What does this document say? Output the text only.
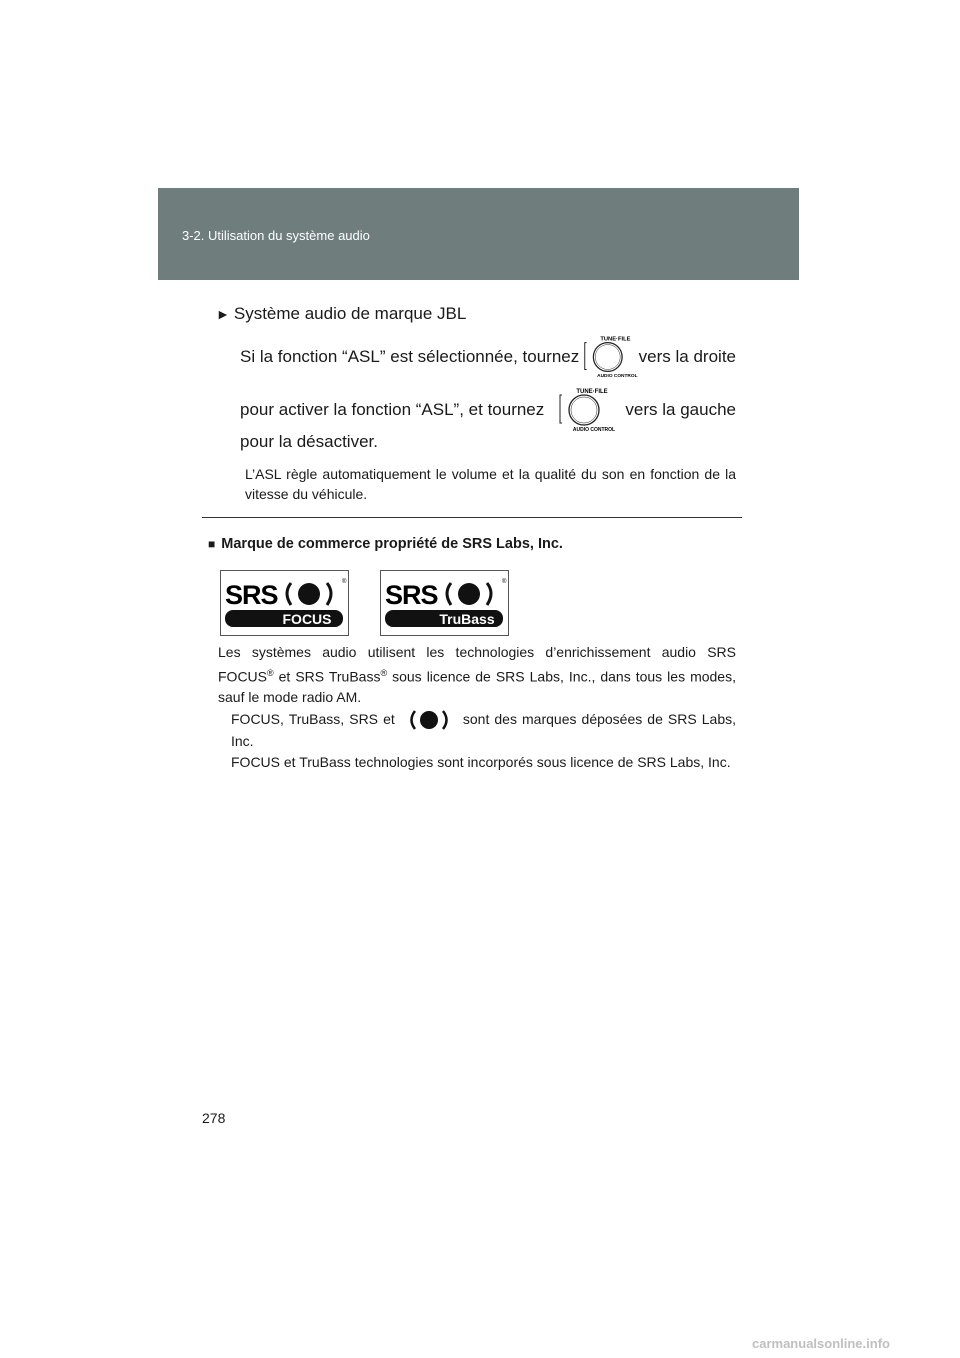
3-2. Utilisation du système audio
► Système audio de marque JBL
Si la fonction “ASL” est sélectionnée, tournez
TUNE·FILE
AUDIO CONTROL
vers la droite
pour activer la fonction “ASL”, et tournez
TUNE·FILE
AUDIO CONTROL
vers la gauche
pour la désactiver.
L’ASL règle automatiquement le volume et la qualité du son en fonction de la vitesse du véhicule.
■ Marque de commerce propriété de SRS Labs, Inc.
SRS	®
FOCUS
SRS	®
TruBass
Les systèmes audio utilisent les technologies d’enrichissement audio SRS FOCUS® et SRS TruBass® sous licence de SRS Labs, Inc., dans tous les modes, sauf le mode radio AM.
FOCUS, TruBass, SRS et	sont des marques déposées de SRS Labs, Inc.
FOCUS et TruBass technologies sont incorporés sous licence de SRS Labs, Inc.
278
carmanualsonline.info
